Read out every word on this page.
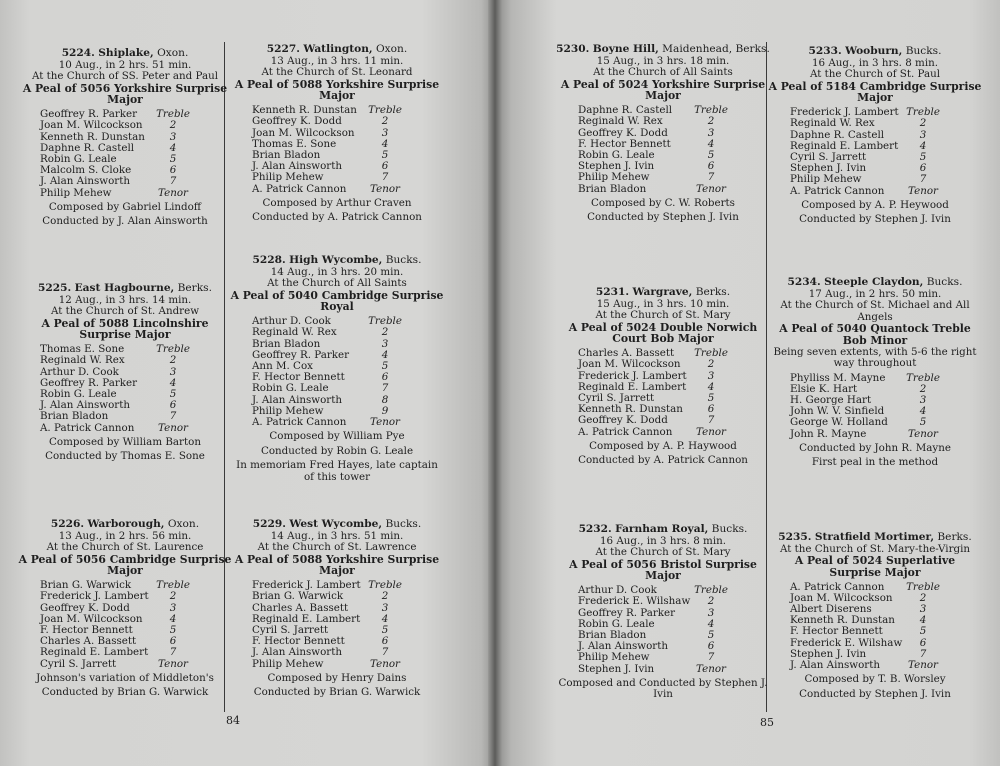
84	85
5224. Shiplake, Oxon.
10 Aug., in 2 hrs. 51 min.
At the Church of SS. Peter and Paul
A Peal of 5056 Yorkshire Surprise Major
Geoffrey R. Parker Treble
Joan M. Wilcockson	2
Kenneth R. Dunstan	3
Daphne R. Castell	4
Robin G. Leale	5
Malcolm S. Cloke	6
J. Alan Ainsworth	7
Philip Mehew	Tenor
Composed by Gabriel Lindoff
Conducted by J. Alan Ainsworth
5225. East Hagbourne, Berks.
12 Aug., in 3 hrs. 14 min.
At the Church of St. Andrew
A Peal of 5088 Lincolnshire Surprise Major
Thomas E. Sone	Treble
Reginald W. Rex	2
Arthur D. Cook	3
Geoffrey R. Parker	4
Robin G. Leale	5
J. Alan Ainsworth	6
Brian Bladon	7
A. Patrick Cannon Tenor
Composed by William Barton
Conducted by Thomas E. Sone
5226. Warborough, Oxon.
13 Aug., in 2 hrs. 56 min.
At the Church of St. Laurence
A Peal of 5056 Cambridge Surprise Major
Brian G. Warwick Treble
Frederick J. Lambert	2
Geoffrey K. Dodd	3
Joan M. Wilcockson	4
F. Hector Bennett	5
Charles A. Bassett	6
Reginald E. Lambert	7
Cyril S. Jarrett	Tenor
Johnson's variation of Middleton's
Conducted by Brian G. Warwick
5227. Watlington, Oxon.
13 Aug., in 3 hrs. 11 min.
At the Church of St. Leonard
A Peal of 5088 Yorkshire Surprise Major
Kenneth R. Dunstan Treble
Geoffrey K. Dodd	2
Joan M. Wilcockson	3
Thomas E. Sone	4
Brian Bladon	5
J. Alan Ainsworth	6
Philip Mehew	7
A. Patrick Cannon Tenor
Composed by Arthur Craven
Conducted by A. Patrick Cannon
5228. High Wycombe, Bucks.
14 Aug., in 3 hrs. 20 min.
At the Church of All Saints
A Peal of 5040 Cambridge Surprise Royal
Arthur D. Cook	Treble
Reginald W. Rex	2
Brian Bladon	3
Geoffrey R. Parker	4
Ann M. Cox	5
F. Hector Bennett	6
Robin G. Leale	7
J. Alan Ainsworth	8
Philip Mehew	9
A. Patrick Cannon Tenor
Composed by William Pye
Conducted by Robin G. Leale
In memoriam Fred Hayes, late captain of this tower
5229. West Wycombe, Bucks.
14 Aug., in 3 hrs. 51 min.
At the Church of St. Lawrence
A Peal of 5088 Yorkshire Surprise Major
Frederick J. Lambert Treble
Brian G. Warwick	2
Charles A. Bassett	3
Reginald E. Lambert	4
Cyril S. Jarrett	5
F. Hector Bennett	6
J. Alan Ainsworth	7
Philip Mehew	Tenor
Composed by Henry Dains
Conducted by Brian G. Warwick
5230. Boyne Hill, Maidenhead, Berks.
15 Aug., in 3 hrs. 18 min.
At the Church of All Saints
A Peal of 5024 Yorkshire Surprise Major
Daphne R. Castell Treble
Reginald W. Rex	2
Geoffrey K. Dodd	3
F. Hector Bennett	4
Robin G. Leale	5
Stephen J. Ivin	6
Philip Mehew	7
Brian Bladon	Tenor
Composed by C. W. Roberts
Conducted by Stephen J. Ivin
5231. Wargrave, Berks.
15 Aug., in 3 hrs. 10 min.
At the Church of St. Mary
A Peal of 5024 Double Norwich Court Bob Major
Charles A. Bassett Treble
Joan M. Wilcockson	2
Frederick J. Lambert	3
Reginald E. Lambert	4
Cyril S. Jarrett	5
Kenneth R. Dunstan	6
Geoffrey K. Dodd	7
A. Patrick Cannon Tenor
Composed by A. P. Haywood
Conducted by A. Patrick Cannon
5232. Farnham Royal, Bucks.
16 Aug., in 3 hrs. 8 min.
At the Church of St. Mary
A Peal of 5056 Bristol Surprise Major
Arthur D. Cook	Treble
Frederick E. Wilshaw	2
Geoffrey R. Parker	3
Robin G. Leale	4
Brian Bladon	5
J. Alan Ainsworth	6
Philip Mehew	7
Stephen J. Ivin	Tenor
Composed and Conducted by Stephen J. Ivin
5233. Wooburn, Bucks.
16 Aug., in 3 hrs. 8 min.
At the Church of St. Paul
A Peal of 5184 Cambridge Surprise Major
Frederick J. Lambert Treble
Reginald W. Rex	2
Daphne R. Castell	3
Reginald E. Lambert	4
Cyril S. Jarrett	5
Stephen J. Ivin	6
Philip Mehew	7
A. Patrick Cannon Tenor
Composed by A. P. Heywood
Conducted by Stephen J. Ivin
5234. Steeple Claydon, Bucks.
17 Aug., in 2 hrs. 50 min.
At the Church of St. Michael and All Angels
A Peal of 5040 Quantock Treble Bob Minor
Being seven extents, with 5-6 the right way throughout
Phylliss M. Mayne Treble
Elsie K. Hart	2
H. George Hart	3
John W. V. Sinfield	4
George W. Holland	5
John R. Mayne	Tenor
Conducted by John R. Mayne
First peal in the method
5235. Stratfield Mortimer, Berks.
At the Church of St. Mary-the-Virgin
A Peal of 5024 Superlative Surprise Major
A. Patrick Cannon Treble
Joan M. Wilcockson	2
Albert Diserens	3
Kenneth R. Dunstan	4
F. Hector Bennett	5
Frederick E. Wilshaw	6
Stephen J. Ivin	7
J. Alan Ainsworth	Tenor
Composed by T. B. Worsley
Conducted by Stephen J. Ivin
